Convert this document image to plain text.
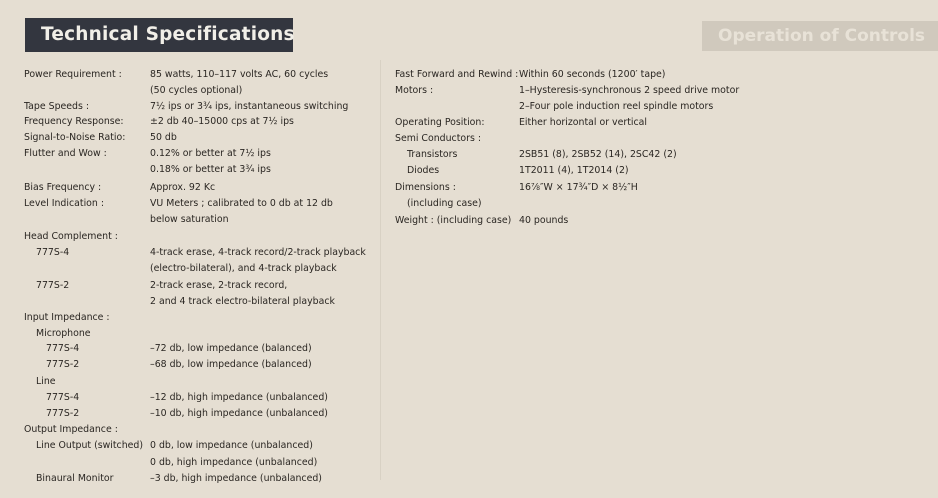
Technical Specifications	Operation of Controls
Power Requirement :	85 watts, 110–117 volts AC, 60 cycles
(50 cycles optional)
Tape Speeds :	7½ ips or 3¾ ips, instantaneous switching
Frequency Response:	±2 db 40–15000 cps at 7½ ips
Signal-to-Noise Ratio:	50 db
Flutter and Wow :	0.12% or better at 7½ ips
0.18% or better at 3¾ ips
Bias Frequency :	Approx. 92 Kc
Level Indication :	VU Meters ; calibrated to 0 db at 12 db
below saturation
Head Complement :
777S-4	4-track erase, 4-track record/2-track playback
(electro-bilateral), and 4-track playback
777S-2	2-track erase, 2-track record,
2 and 4 track electro-bilateral playback
Input Impedance :
Microphone
777S-4	–72 db, low impedance (balanced)
777S-2	–68 db, low impedance (balanced)
Line
777S-4	–12 db, high impedance (unbalanced)
777S-2	–10 db, high impedance (unbalanced)
Output Impedance :
Line Output (switched) 0 db, low impedance (unbalanced)
0 db, high impedance (unbalanced)
Binaural Monitor	–3 db, high impedance (unbalanced)
Fast Forward and Rewind : Within 60 seconds (1200′ tape)
Motors :	1–Hysteresis-synchronous 2 speed drive motor
2–Four pole induction reel spindle motors
Operating Position:	Either horizontal or vertical
Semi Conductors :
Transistors	2SB51 (8), 2SB52 (14), 2SC42 (2)
Diodes	1T2011 (4), 1T2014 (2)
Dimensions :	16⅞″W × 17¾″D × 8½″H
(including case)
Weight : (including case) 40 pounds
